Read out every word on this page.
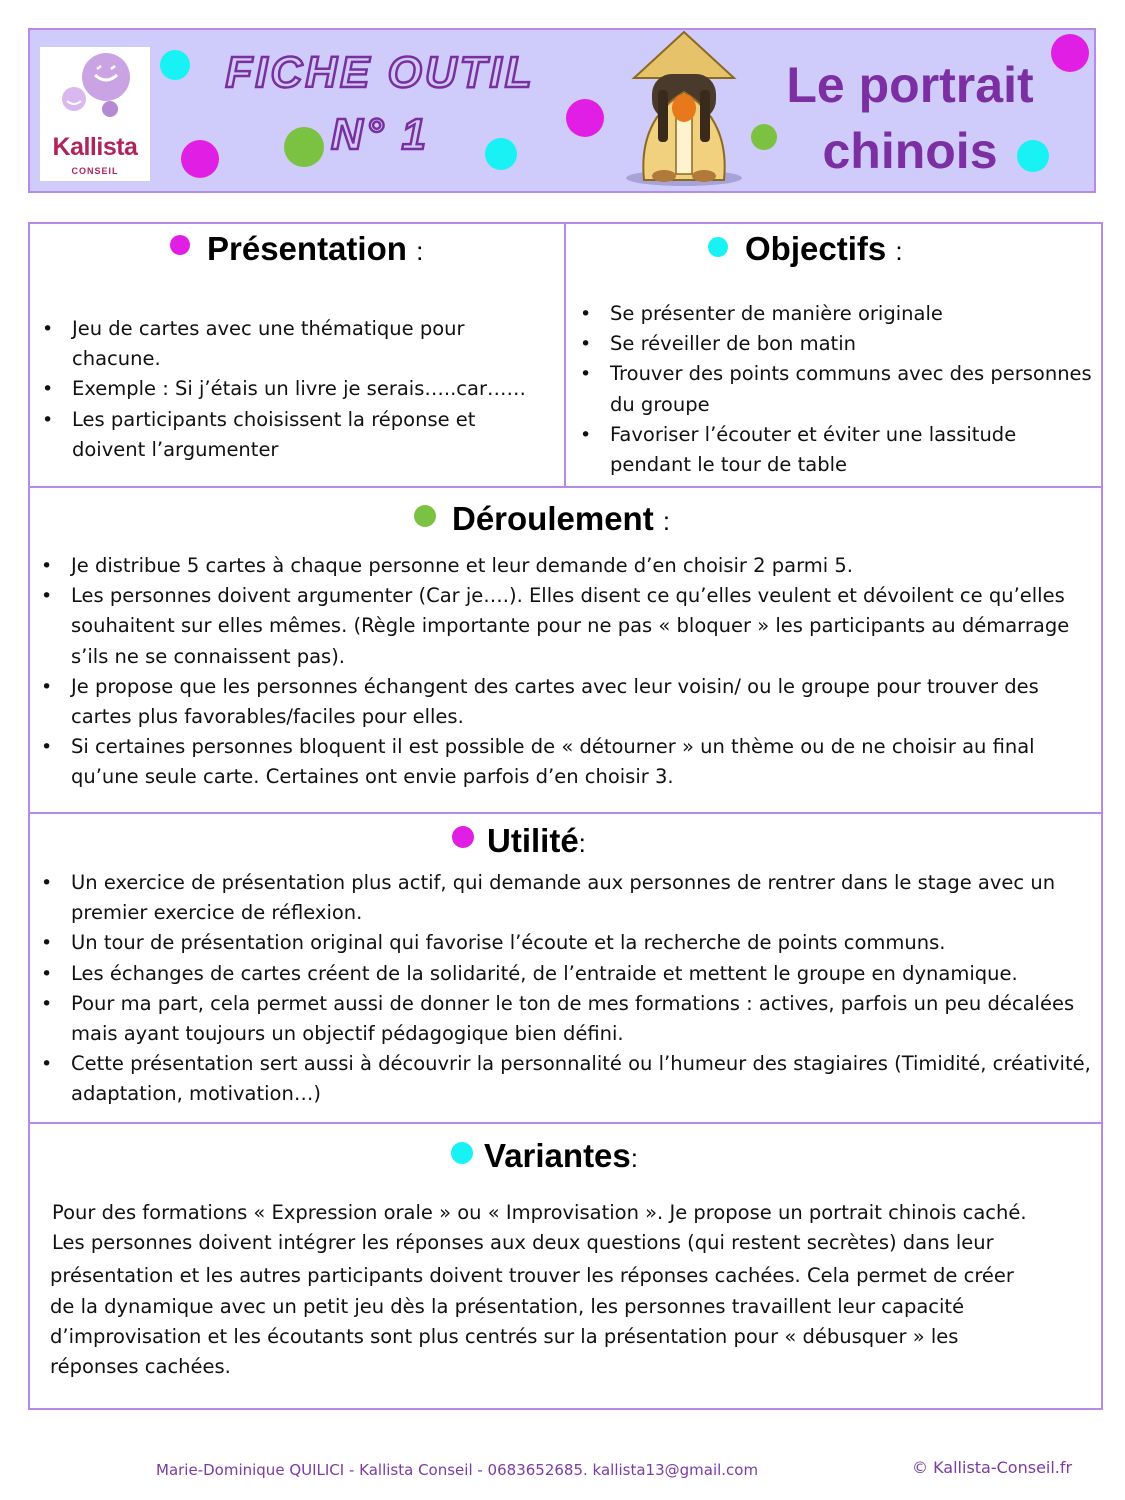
Kallista
CONSEIL
FICHE OUTIL
N° 1
Le portrait
chinois
Présentation :
• Jeu de cartes avec une thématique pour chacune.
• Exemple : Si j’étais un livre je serais…..car……
• Les participants choisissent la réponse et doivent l’argumenter
Objectifs :
• Se présenter de manière originale
• Se réveiller de bon matin
• Trouver des points communs avec des personnes du groupe
• Favoriser l’écouter et éviter une lassitude pendant le tour de table
Déroulement :
• Je distribue 5 cartes à chaque personne et leur demande d’en choisir 2 parmi 5.
• Les personnes doivent argumenter (Car je….). Elles disent ce qu’elles veulent et dévoilent ce qu’elles souhaitent sur elles mêmes. (Règle importante pour ne pas « bloquer » les participants au démarrage s’ils ne se connaissent pas).
• Je propose que les personnes échangent des cartes avec leur voisin/ ou le groupe pour trouver des cartes plus favorables/faciles pour elles.
• Si certaines personnes bloquent il est possible de « détourner » un thème ou de ne choisir au final qu’une seule carte. Certaines ont envie parfois d’en choisir 3.
Utilité:
• Un exercice de présentation plus actif, qui demande aux personnes de rentrer dans le stage avec un premier exercice de réflexion.
• Un tour de présentation original qui favorise l’écoute et la recherche de points communs.
• Les échanges de cartes créent de la solidarité, de l’entraide et mettent le groupe en dynamique.
• Pour ma part, cela permet aussi de donner le ton de mes formations : actives, parfois un peu décalées mais ayant toujours un objectif pédagogique bien défini.
• Cette présentation sert aussi à découvrir la personnalité ou l’humeur des stagiaires (Timidité, créativité, adaptation, motivation…)
Variantes:
Pour des formations « Expression orale » ou « Improvisation ». Je propose un portrait chinois caché.
Les personnes doivent intégrer les réponses aux deux questions (qui restent secrètes) dans leur
présentation et les autres participants doivent trouver les réponses cachées. Cela permet de créer
de la dynamique avec un petit jeu dès la présentation, les personnes travaillent leur capacité
d’improvisation et les écoutants sont plus centrés sur la présentation pour « débusquer » les
réponses cachées.
Marie-Dominique QUILICI - Kallista Conseil - 0683652685. kallista13@gmail.com	© Kallista-Conseil.fr
